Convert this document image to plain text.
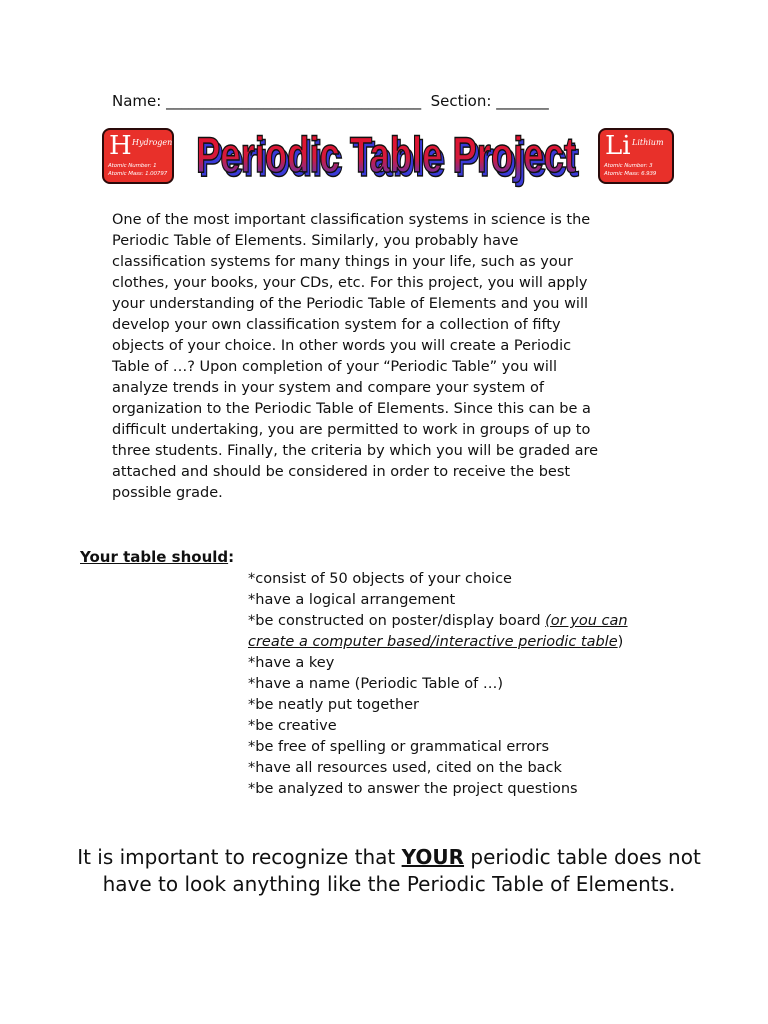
Name: __________________________________ Section: _______
H Hydrogen
Atomic Number: 1
Atomic Mass: 1.00797 Periodic Table Project
Periodic Table Project Li Lithium
Atomic Number: 3
Atomic Mass: 6.939
One of the most important classification systems in science is the
Periodic Table of Elements. Similarly, you probably have
classification systems for many things in your life, such as your
clothes, your books, your CDs, etc. For this project, you will apply
your understanding of the Periodic Table of Elements and you will
develop your own classification system for a collection of fifty
objects of your choice. In other words you will create a Periodic
Table of …? Upon completion of your “Periodic Table” you will
analyze trends in your system and compare your system of
organization to the Periodic Table of Elements. Since this can be a
difficult undertaking, you are permitted to work in groups of up to
three students. Finally, the criteria by which you will be graded are
attached and should be considered in order to receive the best
possible grade.
Your table should:
*consist of 50 objects of your choice
*have a logical arrangement
*be constructed on poster/display board (or you can
create a computer based/interactive periodic table)
*have a key
*have a name (Periodic Table of …)
*be neatly put together
*be creative
*be free of spelling or grammatical errors
*have all resources used, cited on the back
*be analyzed to answer the project questions
It is important to recognize that YOUR periodic table does not have to look anything like the Periodic Table of Elements.
